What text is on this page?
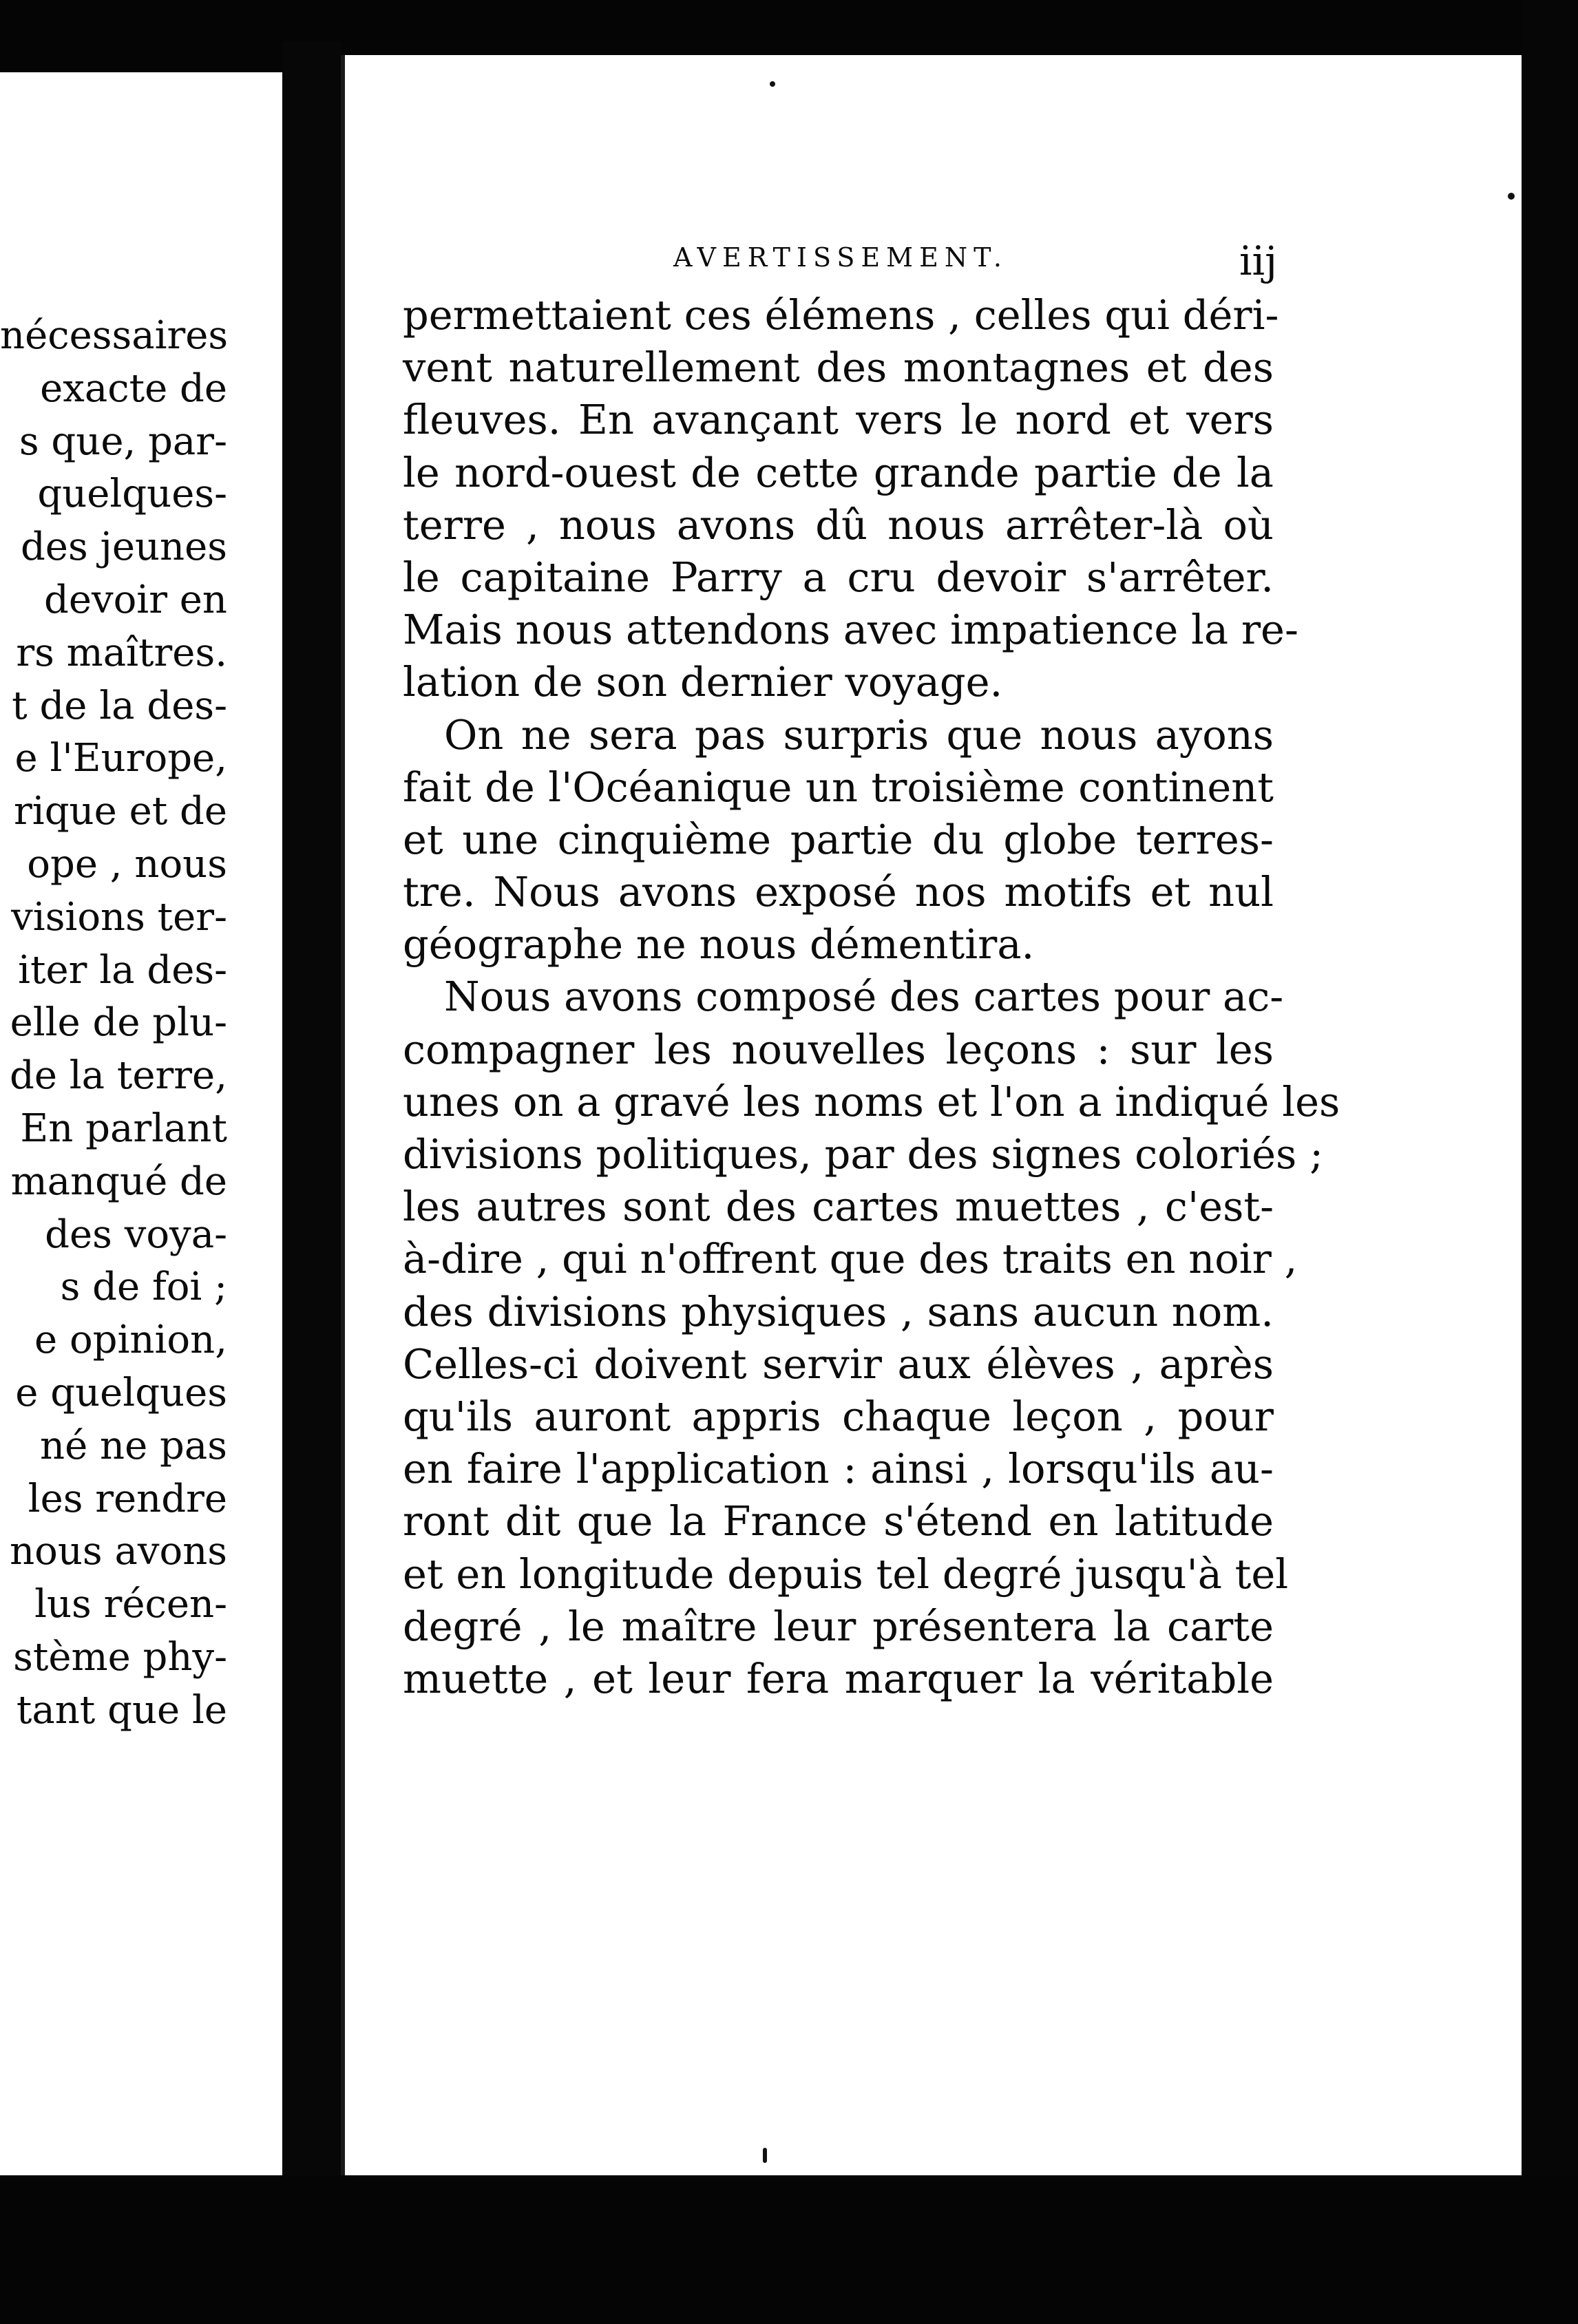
nécessaires
exacte de
s que, par-
quelques-
des jeunes
devoir en
rs maîtres.
t de la des-
e l'Europe,
rique et de
ope , nous
visions ter-
iter la des-
elle de plu-
de la terre,
En parlant
manqué de
des voya-
s de foi ;
e opinion,
e quelques
né ne pas
les rendre
nous avons
lus récen-
stème phy-
tant que le
AVERTISSEMENT.	iij
permettaient ces élémens , celles qui déri-
vent naturellement des montagnes et des
fleuves. En avançant vers le nord et vers
le nord-ouest de cette grande partie de la
terre , nous avons dû nous arrêter-là où
le capitaine Parry a cru devoir s'arrêter.
Mais nous attendons avec impatience la re-
lation de son dernier voyage.
On ne sera pas surpris que nous ayons
fait de l'Océanique un troisième continent
et une cinquième partie du globe terres-
tre. Nous avons exposé nos motifs et nul
géographe ne nous démentira.
Nous avons composé des cartes pour ac-
compagner les nouvelles leçons : sur les
unes on a gravé les noms et l'on a indiqué les
divisions politiques, par des signes coloriés ;
les autres sont des cartes muettes , c'est-
à-dire , qui n'offrent que des traits en noir ,
des divisions physiques , sans aucun nom.
Celles-ci doivent servir aux élèves , après
qu'ils auront appris chaque leçon , pour
en faire l'application : ainsi , lorsqu'ils au-
ront dit que la France s'étend en latitude
et en longitude depuis tel degré jusqu'à tel
degré , le maître leur présentera la carte
muette , et leur fera marquer la véritable
